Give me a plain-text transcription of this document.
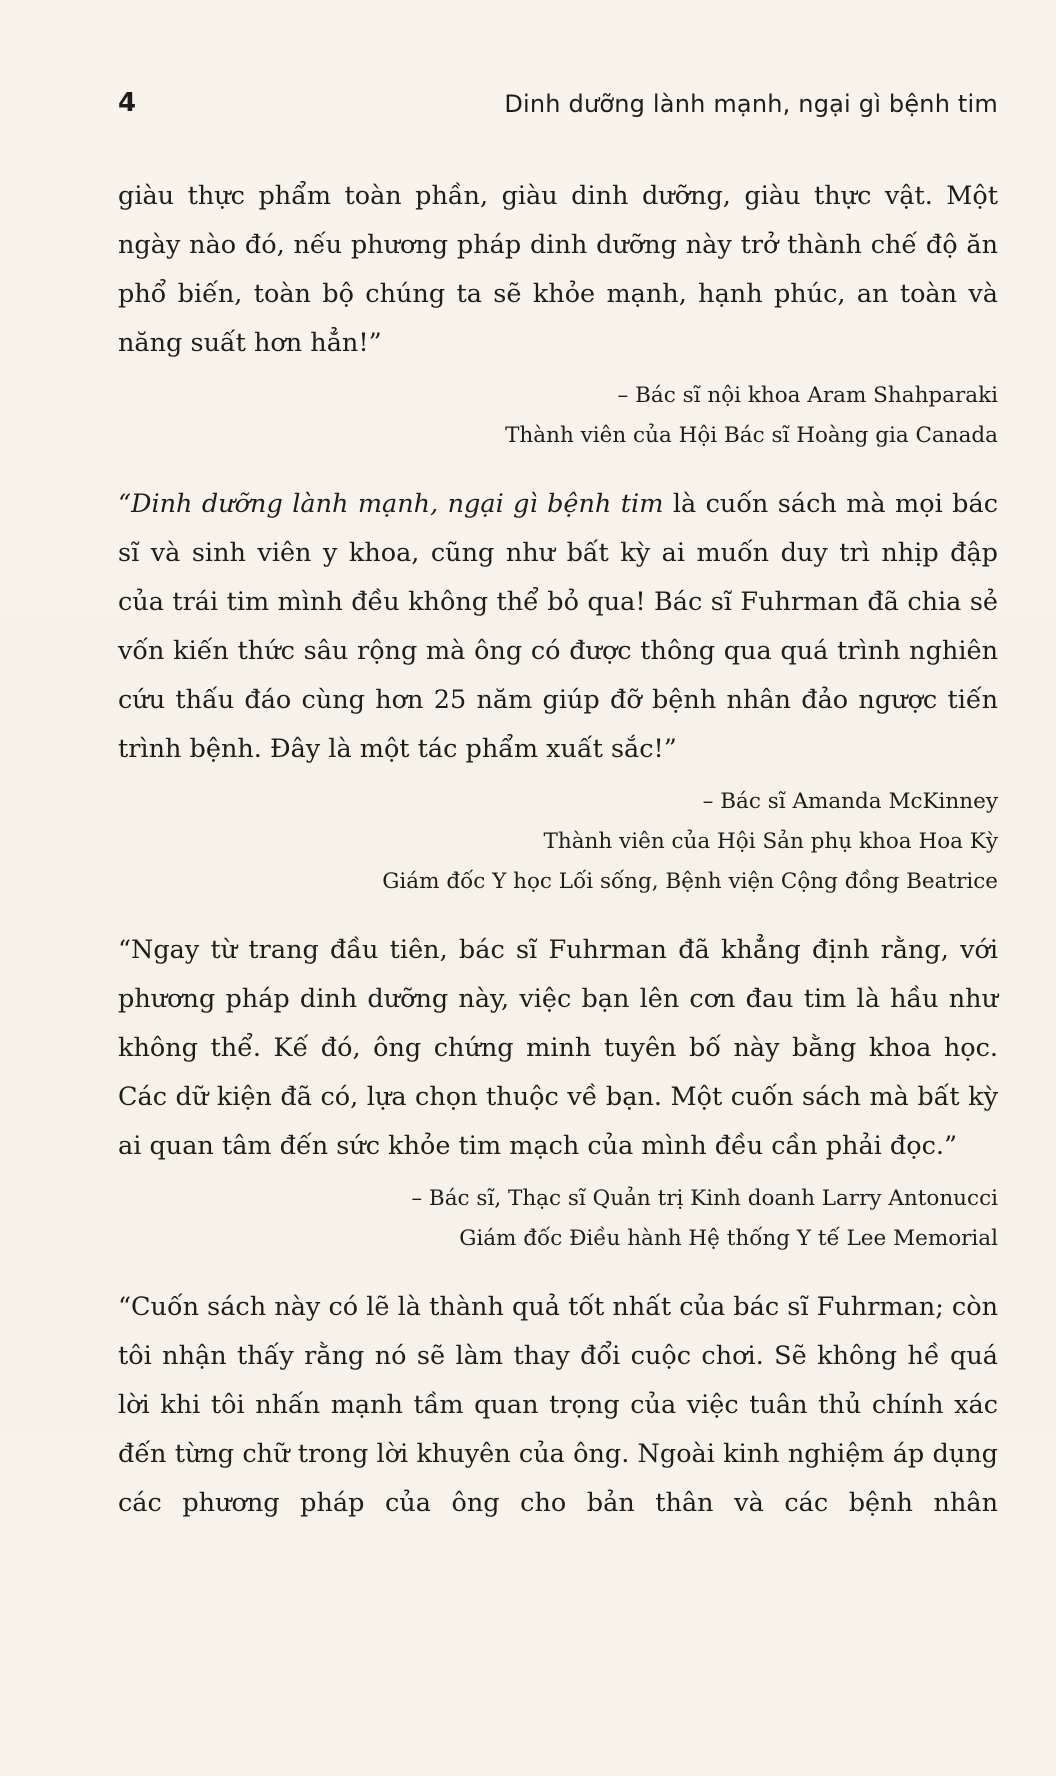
4	Dinh dưỡng lành mạnh, ngại gì bệnh tim

giàu thực phẩm toàn phần, giàu dinh dưỡng, giàu thực vật. Một ngày nào đó, nếu phương pháp dinh dưỡng này trở thành chế độ ăn phổ biến, toàn bộ chúng ta sẽ khỏe mạnh, hạnh phúc, an toàn và năng suất hơn hẳn!”

– Bác sĩ nội khoa Aram Shahparaki

Thành viên của Hội Bác sĩ Hoàng gia Canada

“Dinh dưỡng lành mạnh, ngại gì bệnh tim là cuốn sách mà mọi bác sĩ và sinh viên y khoa, cũng như bất kỳ ai muốn duy trì nhịp đập của trái tim mình đều không thể bỏ qua! Bác sĩ Fuhrman đã chia sẻ vốn kiến thức sâu rộng mà ông có được thông qua quá trình nghiên cứu thấu đáo cùng hơn 25 năm giúp đỡ bệnh nhân đảo ngược tiến trình bệnh. Đây là một tác phẩm xuất sắc!”

– Bác sĩ Amanda McKinney

Thành viên của Hội Sản phụ khoa Hoa Kỳ

Giám đốc Y học Lối sống, Bệnh viện Cộng đồng Beatrice

“Ngay từ trang đầu tiên, bác sĩ Fuhrman đã khẳng định rằng, với phương pháp dinh dưỡng này, việc bạn lên cơn đau tim là hầu như không thể. Kế đó, ông chứng minh tuyên bố này bằng khoa học. Các dữ kiện đã có, lựa chọn thuộc về bạn. Một cuốn sách mà bất kỳ ai quan tâm đến sức khỏe tim mạch của mình đều cần phải đọc.”

– Bác sĩ, Thạc sĩ Quản trị Kinh doanh Larry Antonucci

Giám đốc Điều hành Hệ thống Y tế Lee Memorial

“Cuốn sách này có lẽ là thành quả tốt nhất của bác sĩ Fuhrman; còn tôi nhận thấy rằng nó sẽ làm thay đổi cuộc chơi. Sẽ không hề quá lời khi tôi nhấn mạnh tầm quan trọng của việc tuân thủ chính xác đến từng chữ trong lời khuyên của ông. Ngoài kinh nghiệm áp dụng các phương pháp của ông cho bản thân và các bệnh nhân
